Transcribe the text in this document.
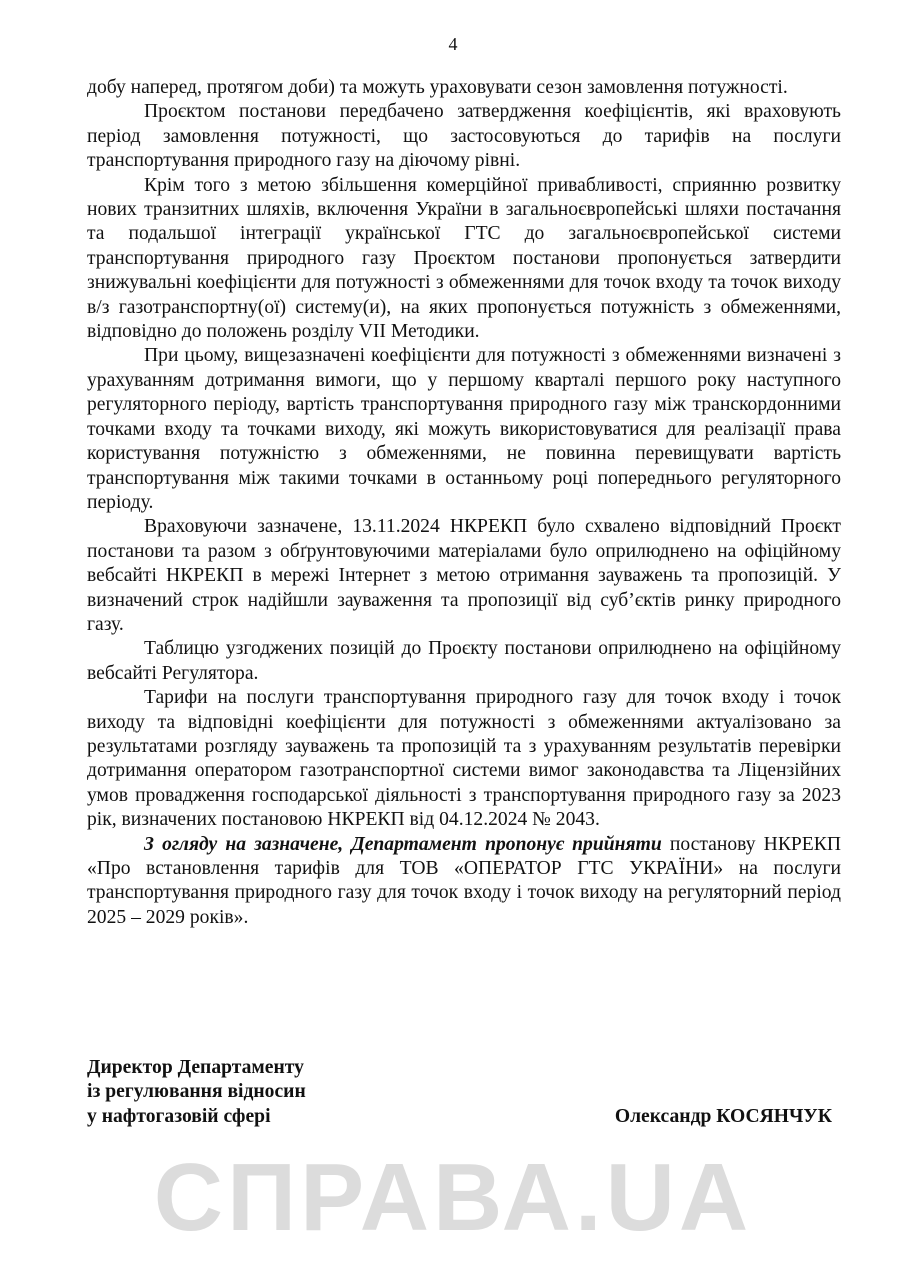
СПРАВА.UA
4

добу наперед, протягом доби) та можуть ураховувати сезон замовлення потужності.

Проєктом постанови передбачено затвердження коефіцієнтів, які враховують період замовлення потужності, що застосовуються до тарифів на послуги транспортування природного газу на діючому рівні.

Крім того з метою збільшення комерційної привабливості, сприянню розвитку нових транзитних шляхів, включення України в загальноєвропейські шляхи постачання та подальшої інтеграції української ГТС до загальноєвропейської системи транспортування природного газу Проєктом постанови пропонується затвердити знижувальні коефіцієнти для потужності з обмеженнями для точок входу та точок виходу в/з газотранспортну(ої) систему(и), на яких пропонується потужність з обмеженнями, відповідно до положень розділу VII Методики.

При цьому, вищезазначені коефіцієнти для потужності з обмеженнями визначені з урахуванням дотримання вимоги, що у першому кварталі першого року наступного регуляторного періоду, вартість транспортування природного газу між транскордонними точками входу та точками виходу, які можуть використовуватися для реалізації права користування потужністю з обмеженнями, не повинна перевищувати вартість транспортування між такими точками в останньому році попереднього регуляторного періоду.

Враховуючи зазначене, 13.11.2024 НКРЕКП було схвалено відповідний Проєкт постанови та разом з обґрунтовуючими матеріалами було оприлюднено на офіційному вебсайті НКРЕКП в мережі Інтернет з метою отримання зауважень та пропозицій. У визначений строк надійшли зауваження та пропозиції від суб’єктів ринку природного газу.

Таблицю узгоджених позицій до Проєкту постанови оприлюднено на офіційному вебсайті Регулятора.

Тарифи на послуги транспортування природного газу для точок входу і точок виходу та відповідні коефіцієнти для потужності з обмеженнями актуалізовано за результатами розгляду зауважень та пропозицій та з урахуванням результатів перевірки дотримання оператором газотранспортної системи вимог законодавства та Ліцензійних умов провадження господарської діяльності з транспортування природного газу за 2023 рік, визначених постановою НКРЕКП від 04.12.2024 № 2043.

З огляду на зазначене, Департамент пропонує прийняти постанову НКРЕКП «Про встановлення тарифів для ТОВ «ОПЕРАТОР ГТС УКРАЇНИ» на послуги транспортування природного газу для точок входу і точок виходу на регуляторний період 2025 – 2029 років».

Директор Департаменту
із регулювання відносин
у нафтогазовій сфері	Олександр КОСЯНЧУК
